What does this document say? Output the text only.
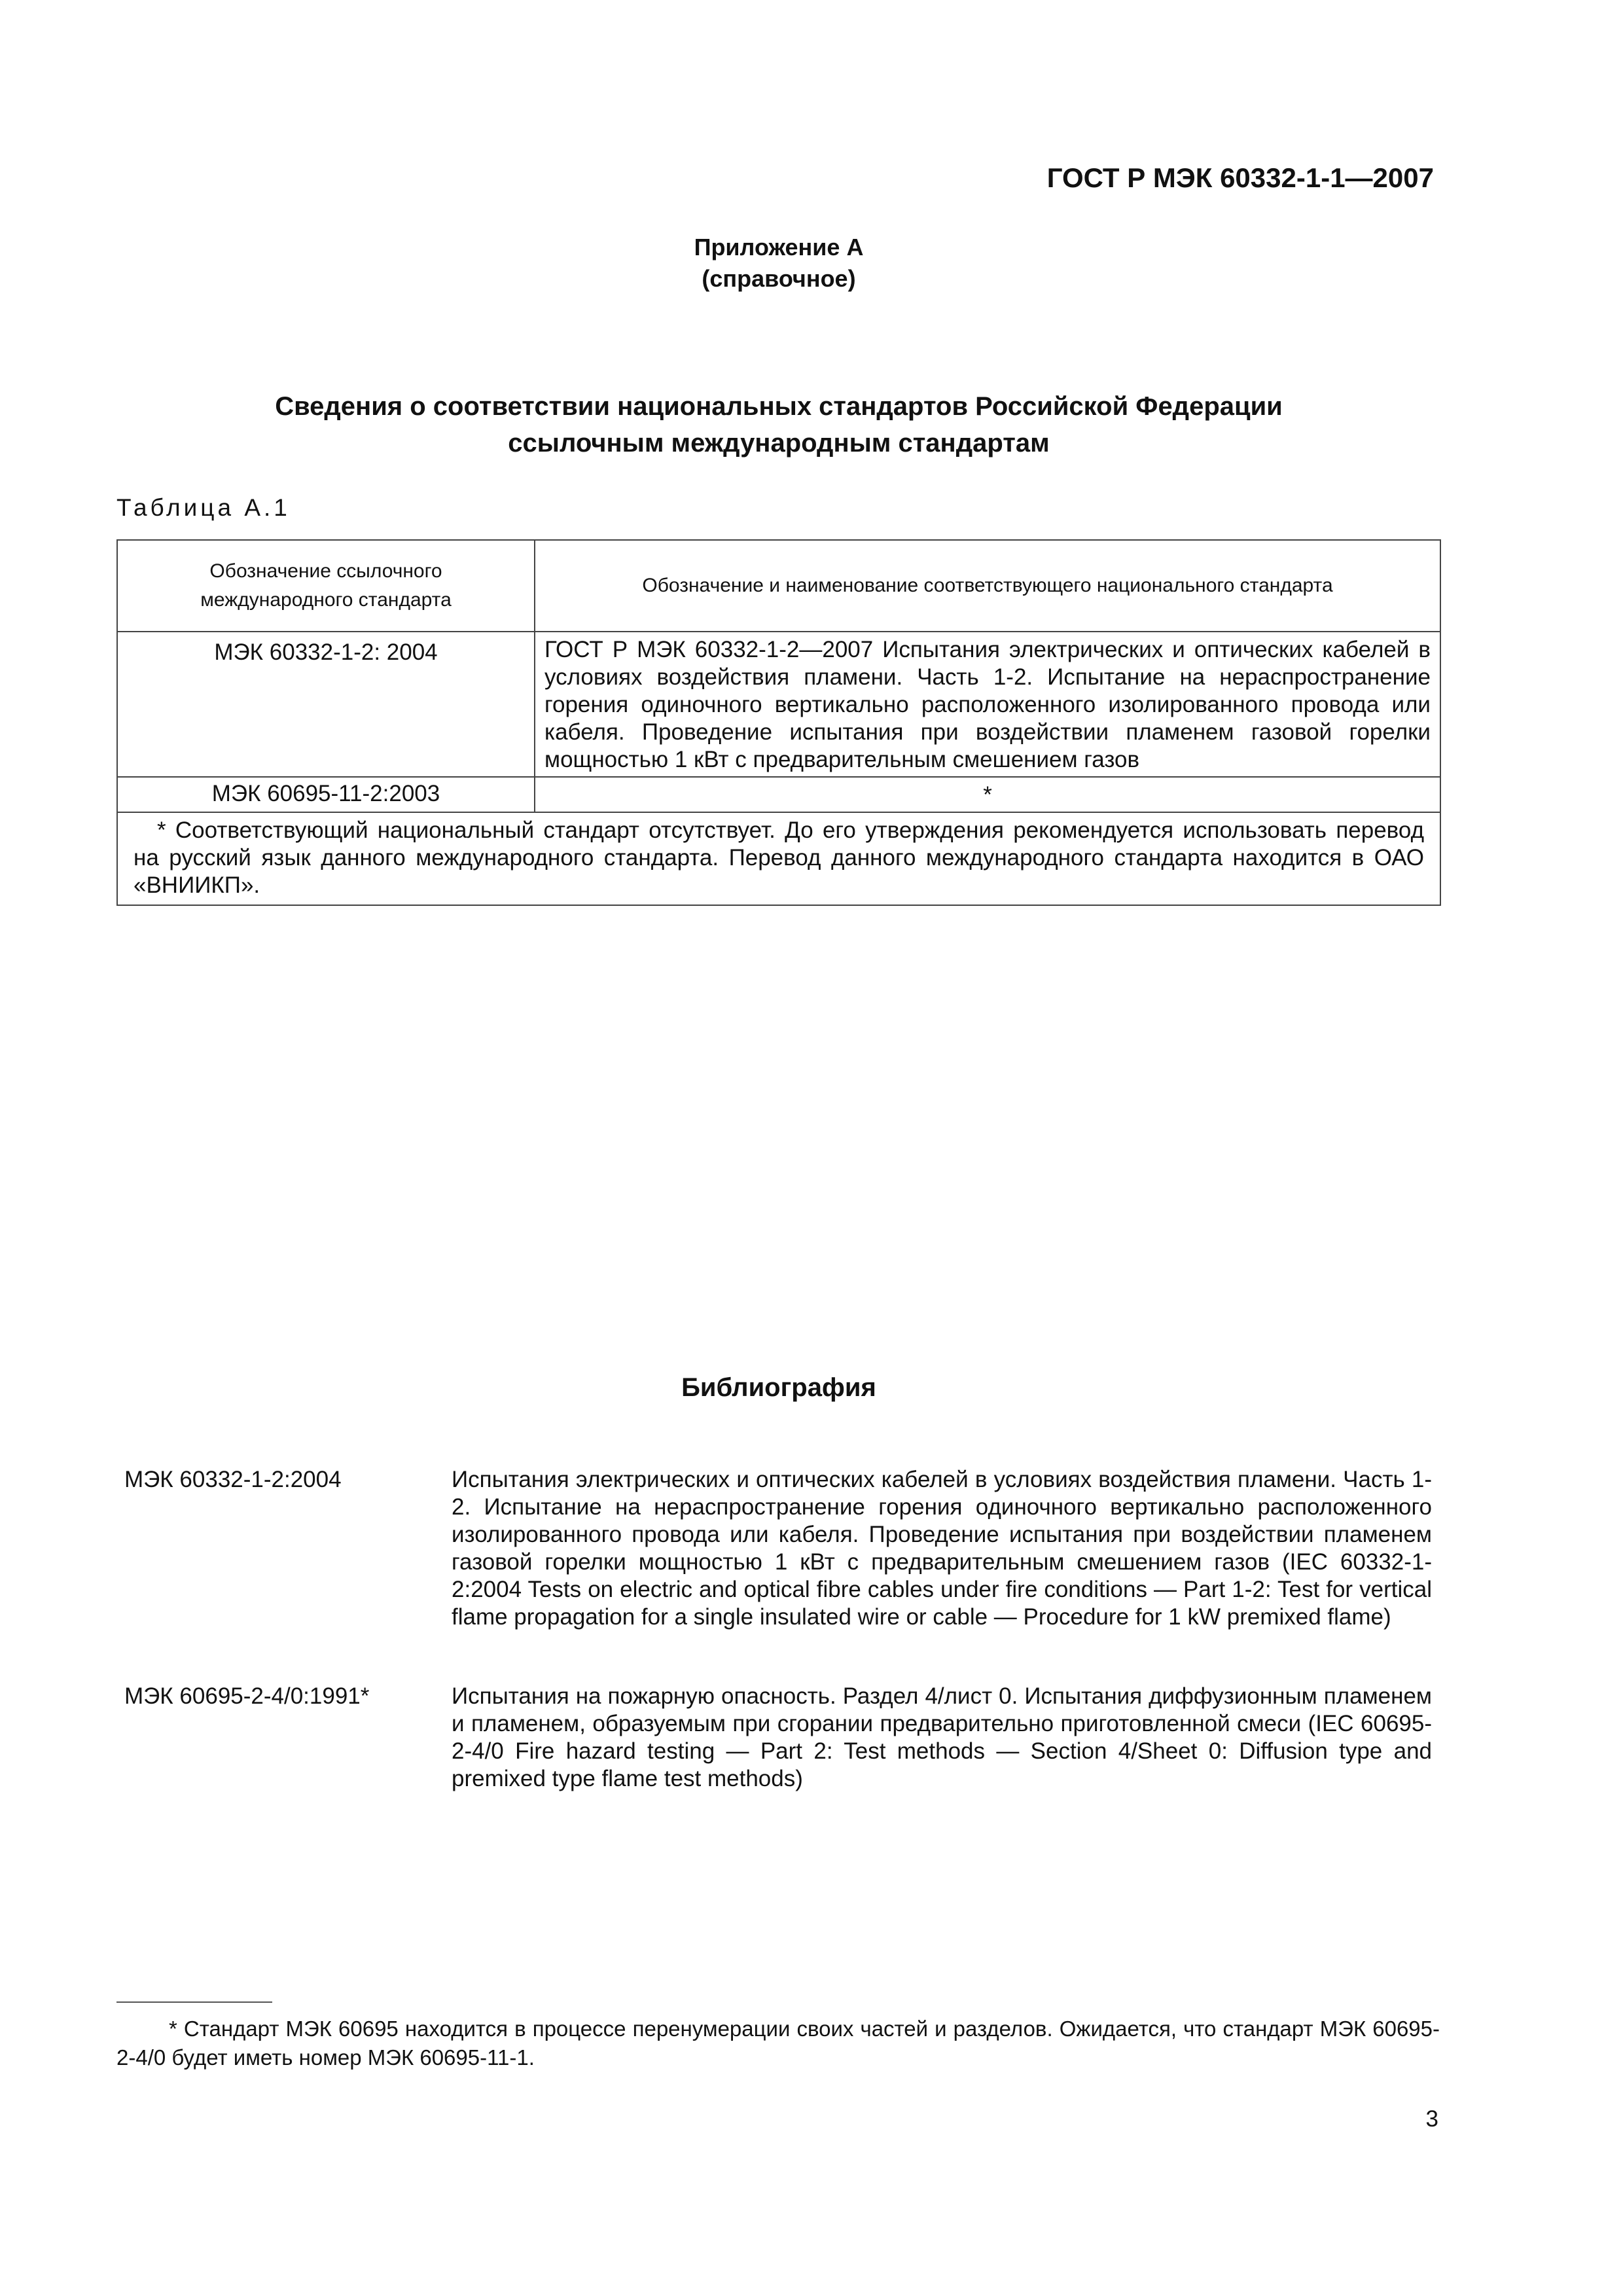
ГОСТ Р МЭК 60332-1-1—2007
Приложение А
(справочное)
Сведения о соответствии национальных стандартов Российской Федерации
ссылочным международным стандартам
Таблица А.1
Обозначение ссылочного
международного стандарта	Обозначение и наименование соответствующего национального стандарта
МЭК 60332-1-2: 2004	ГОСТ Р МЭК 60332-1-2—2007 Испытания электрических и оптических кабелей в условиях воздействия пламени. Часть 1-2. Испытание на нераспространение горения одиночного вертикально расположенного изолированного провода или кабеля. Проведение испытания при воздействии пламенем газовой горелки мощностью 1 кВт с предварительным смешением газов
МЭК 60695-11-2:2003	*
* Соответствующий национальный стандарт отсутствует. До его утверждения рекомендуется использовать перевод на русский язык данного международного стандарта. Перевод данного международного стандарта находится в ОАО «ВНИИКП».	
Библиография
МЭК 60332-1-2:2004	Испытания электрических и оптических кабелей в условиях воздействия пламени. Часть 1-2. Испытание на нераспространение горения одиночного вертикально расположенного изолированного провода или кабеля. Проведение испытания при воздействии пламенем газовой горелки мощностью 1 кВт с предварительным смешением газов (IEC 60332-1-2:2004 Tests on electric and optical fibre cables under fire conditions — Part 1-2: Test for vertical flame propagation for a single insulated wire or cable — Procedure for 1 kW premixed flame)
МЭК 60695-2-4/0:1991*	Испытания на пожарную опасность. Раздел 4/лист 0. Испытания диффузионным пламенем и пламенем, образуемым при сгорании предварительно приготовленной смеси (IEC 60695-2-4/0 Fire hazard testing — Part 2: Test methods — Section 4/Sheet 0: Diffusion type and premixed type flame test methods)
* Стандарт МЭК 60695 находится в процессе перенумерации своих частей и разделов. Ожидается, что стандарт МЭК 60695-2-4/0 будет иметь номер МЭК 60695-11-1.
3
